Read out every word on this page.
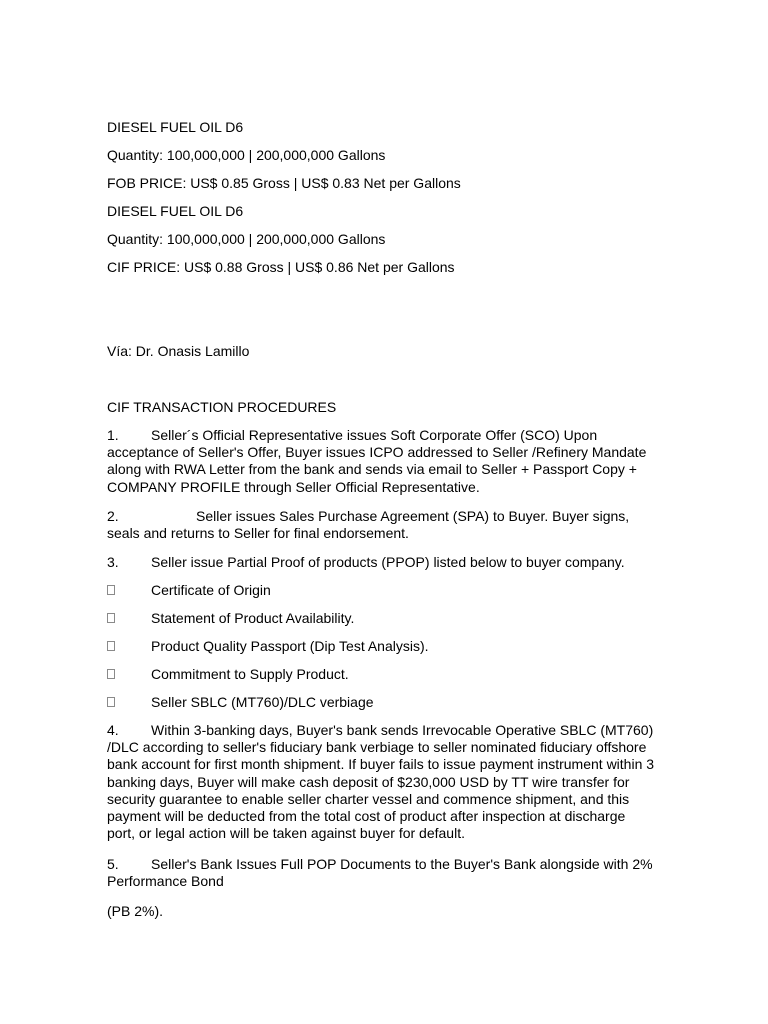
DIESEL FUEL OIL D6
Quantity: 100,000,000 | 200,000,000 Gallons
FOB PRICE: US$ 0.85 Gross | US$ 0.83 Net per Gallons
DIESEL FUEL OIL D6
Quantity: 100,000,000 | 200,000,000 Gallons
CIF PRICE: US$ 0.88 Gross | US$ 0.86 Net per Gallons
Vía: Dr. Onasis Lamillo
CIF TRANSACTION PROCEDURES
1. Seller´s Official Representative issues Soft Corporate Offer (SCO) Upon
acceptance of Seller's Offer, Buyer issues ICPO addressed to Seller /Refinery Mandate along with RWA Letter from the bank and sends via email to Seller + Passport Copy + COMPANY PROFILE through Seller Official Representative.
2.	Seller issues Sales Purchase Agreement (SPA) to Buyer. Buyer signs,
seals and returns to Seller for final endorsement.
3. Seller issue Partial Proof of products (PPOP) listed below to buyer company.
Certificate of Origin
Statement of Product Availability.
Product Quality Passport (Dip Test Analysis).
Commitment to Supply Product.
Seller SBLC (MT760)/DLC verbiage
4. Within 3-banking days, Buyer's bank sends Irrevocable Operative SBLC (MT760)
/DLC according to seller's fiduciary bank verbiage to seller nominated fiduciary offshore bank account for first month shipment. If buyer fails to issue payment instrument within 3 banking days, Buyer will make cash deposit of $230,000 USD by TT wire transfer for security guarantee to enable seller charter vessel and commence shipment, and this payment will be deducted from the total cost of product after inspection at discharge port, or legal action will be taken against buyer for default.
5. Seller's Bank Issues Full POP Documents to the Buyer's Bank alongside with 2%
Performance Bond
(PB 2%).
